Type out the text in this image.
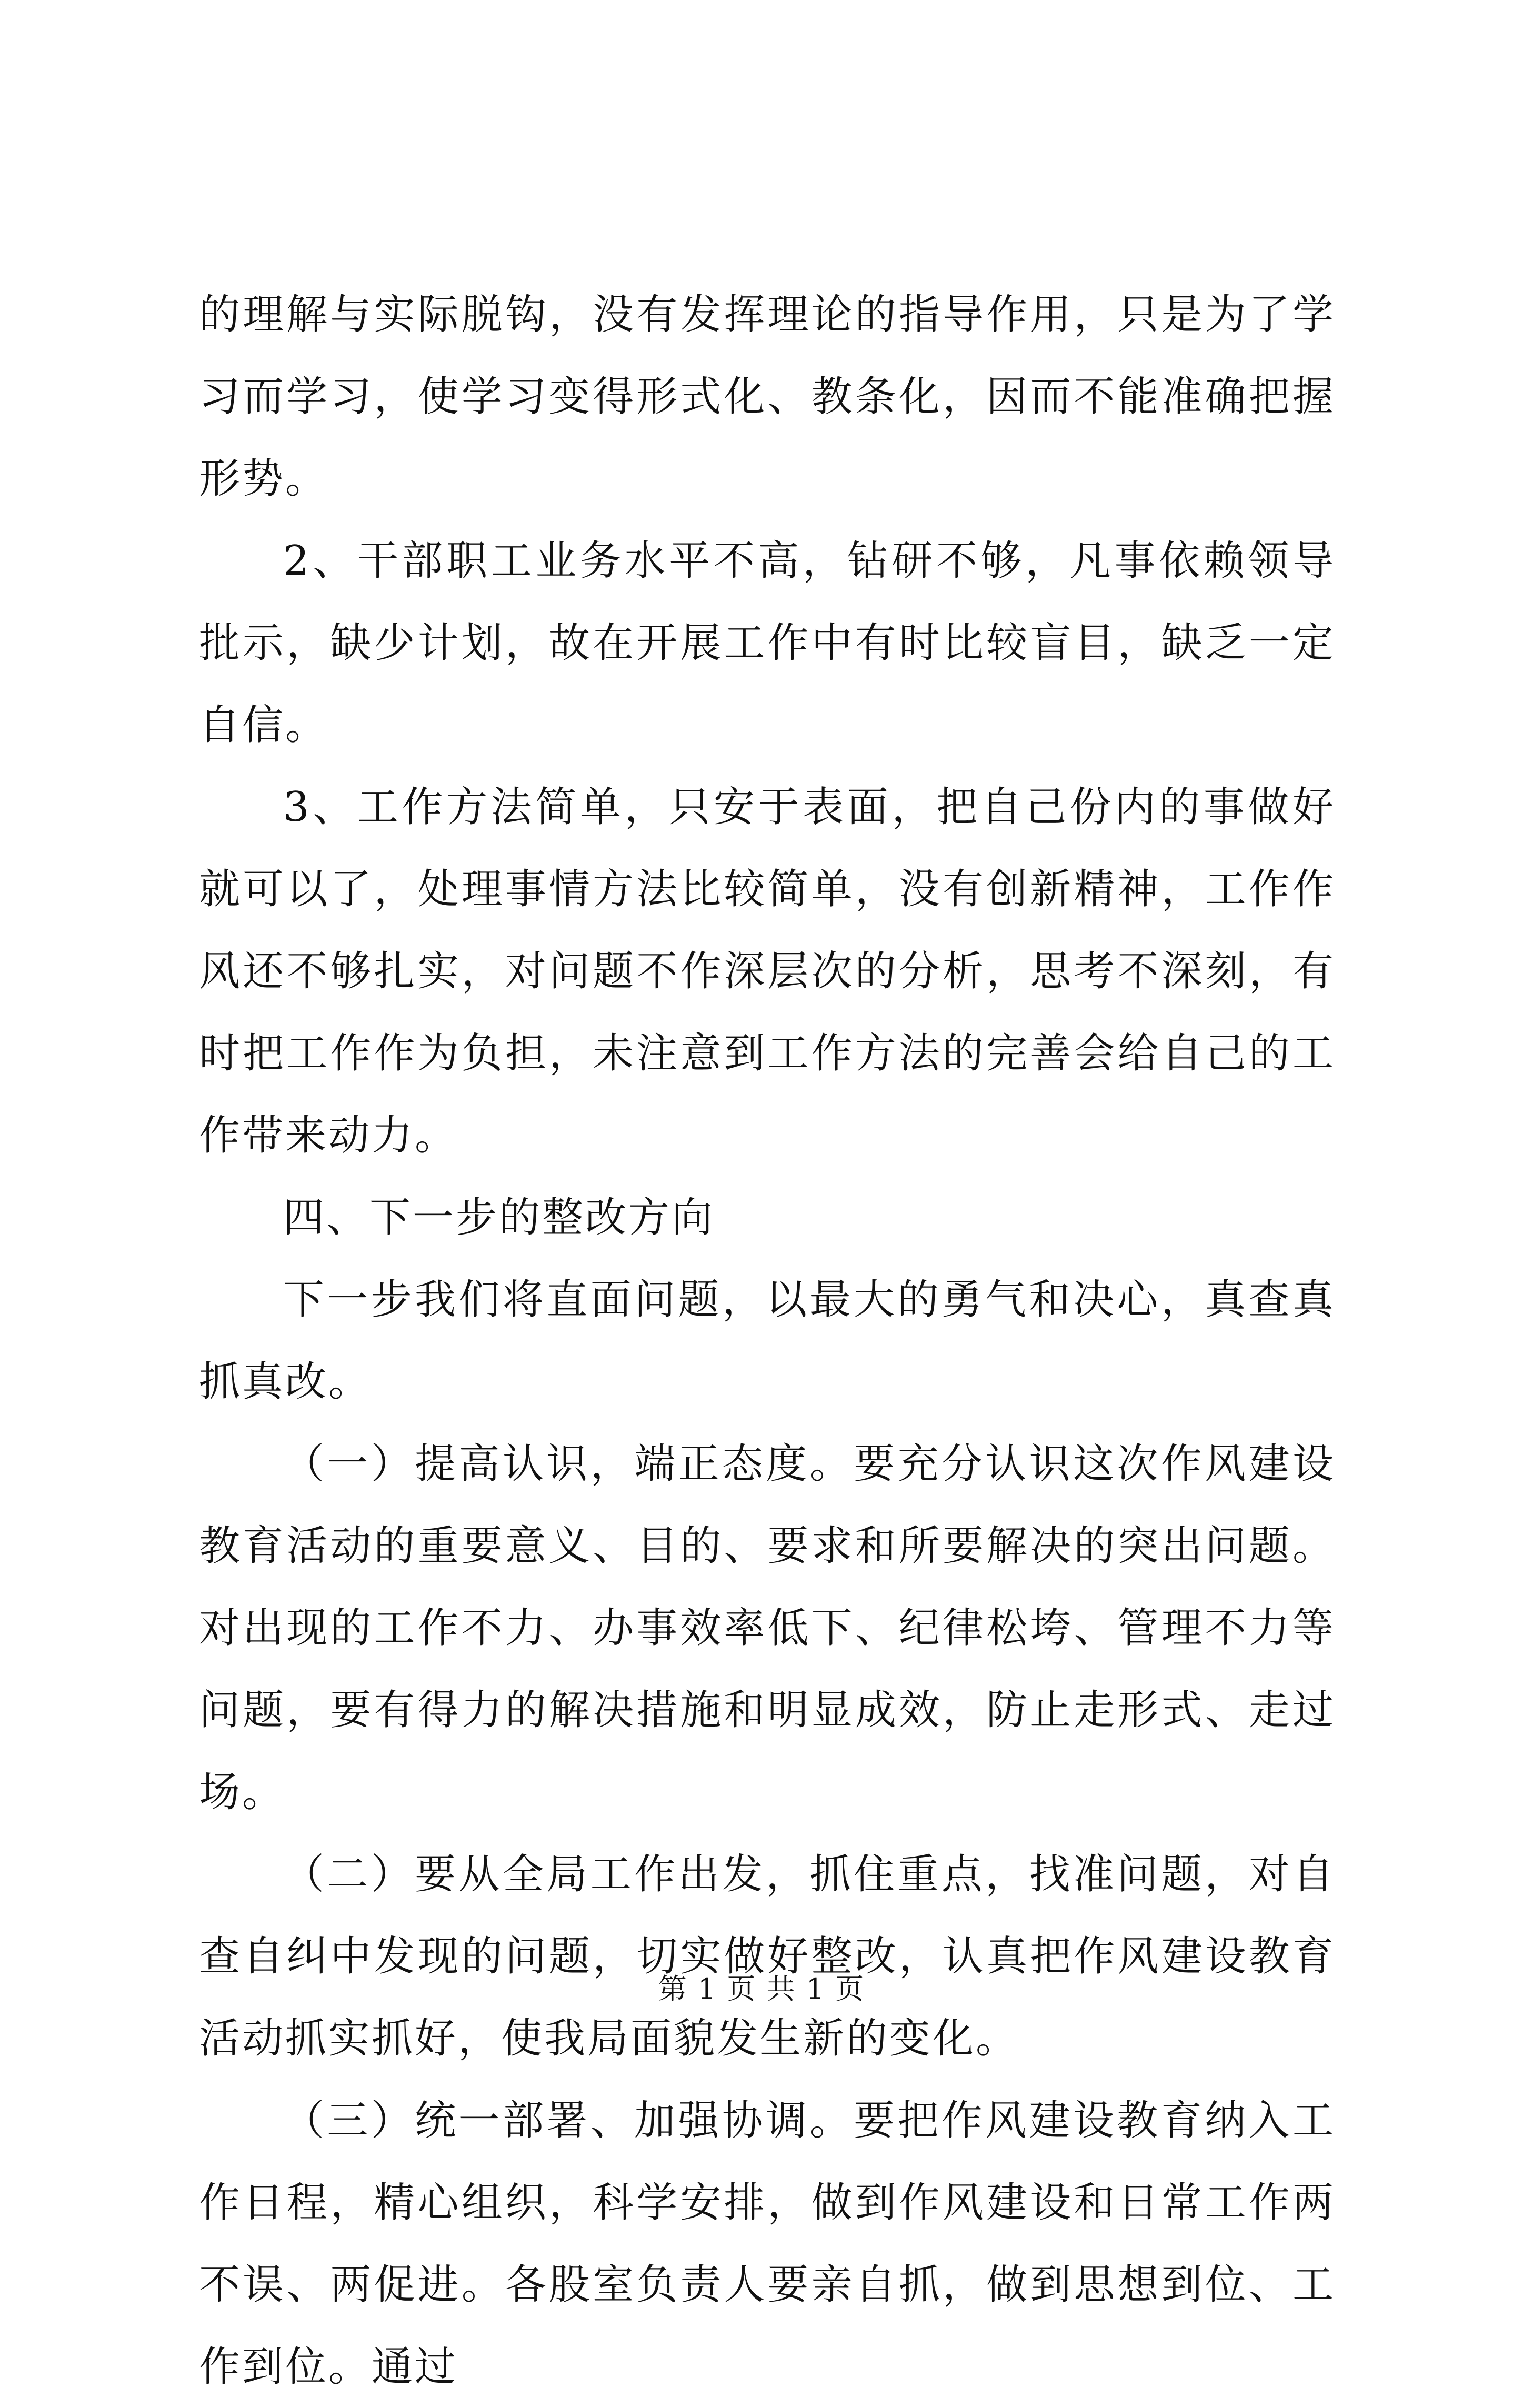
的理解与实际脱钩，没有发挥理论的指导作用，只是为了学习而学习，使学习变得形式化、教条化，因而不能准确把握形势。

2、干部职工业务水平不高，钻研不够，凡事依赖领导批示，缺少计划，故在开展工作中有时比较盲目，缺乏一定自信。

3、工作方法简单，只安于表面，把自己份内的事做好就可以了，处理事情方法比较简单，没有创新精神，工作作风还不够扎实，对问题不作深层次的分析，思考不深刻，有时把工作作为负担，未注意到工作方法的完善会给自己的工作带来动力。

四、下一步的整改方向

下一步我们将直面问题，以最大的勇气和决心，真查真抓真改。

（一）提高认识，端正态度。要充分认识这次作风建设教育活动的重要意义、目的、要求和所要解决的突出问题。对出现的工作不力、办事效率低下、纪律松垮、管理不力等问题，要有得力的解决措施和明显成效，防止走形式、走过场。

（二）要从全局工作出发，抓住重点，找准问题，对自查自纠中发现的问题，切实做好整改，认真把作风建设教育活动抓实抓好，使我局面貌发生新的变化。

（三）统一部署、加强协调。要把作风建设教育纳入工作日程，精心组织，科学安排，做到作风建设和日常工作两不误、两促进。各股室负责人要亲自抓，做到思想到位、工作到位。通过

第 1 页 共 1 页
